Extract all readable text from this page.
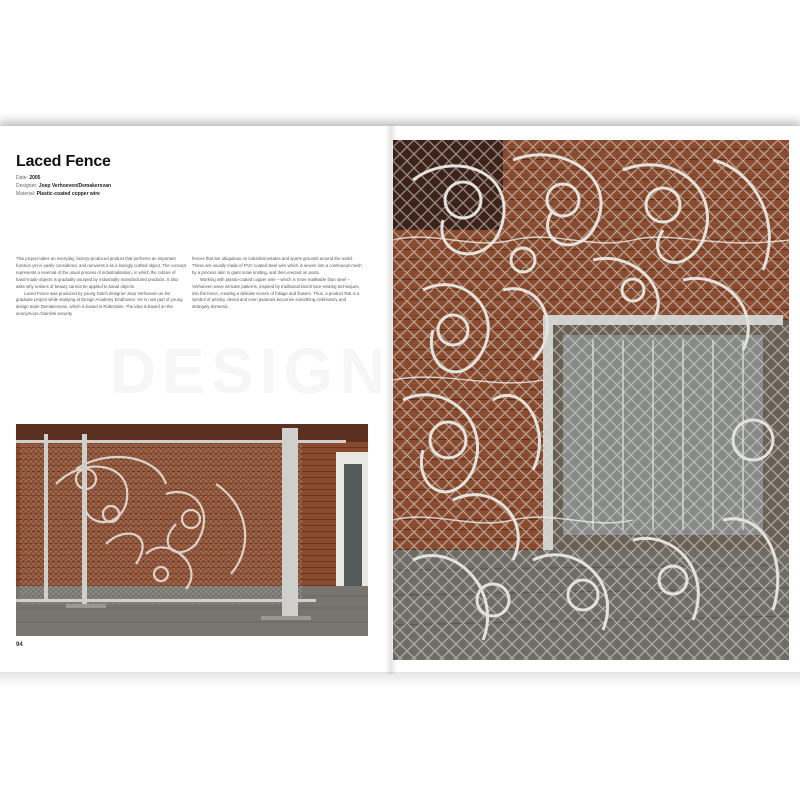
Laced Fence
Date: 2005
Designer: Joep Verhoeven/Demakersvan
Material: Plastic-coated copper wire

This project takes an everyday, factory-produced product that performs an important function yet is easily considered, and reinvents it as a lovingly crafted object. The concept represents a reversal of the usual process of industrialisation, in which the culture of hand-made objects is gradually usurped by industrially manufactured products. It also asks why notions of beauty cannot be applied to banal objects.

Laced Fence was produced by young Dutch designer Joep Verhoeven as his graduate project while studying at Design Academy Eindhoven. He is now part of young design team Demakersvan, which is based in Rotterdam. The idea is based on the anonymous chainlink security

fences that are ubiquitous on industrial estates and sports grounds around the world. These are usually made of PVC-coated steel wire which is woven into a continuous mesh by a process akin to giant scale knitting, and then erected on posts.

Working with plastic-coated copper wire – which is more malleable than steel – Verhoeven wove intricate patterns, inspired by traditional Dutch lace-making techniques, into the fence, creating a delicate screen of foliage and flowers. Thus, a product that is a symbol of privacy, denial and even paranoia becomes something celebratory and strangely domestic.

94
